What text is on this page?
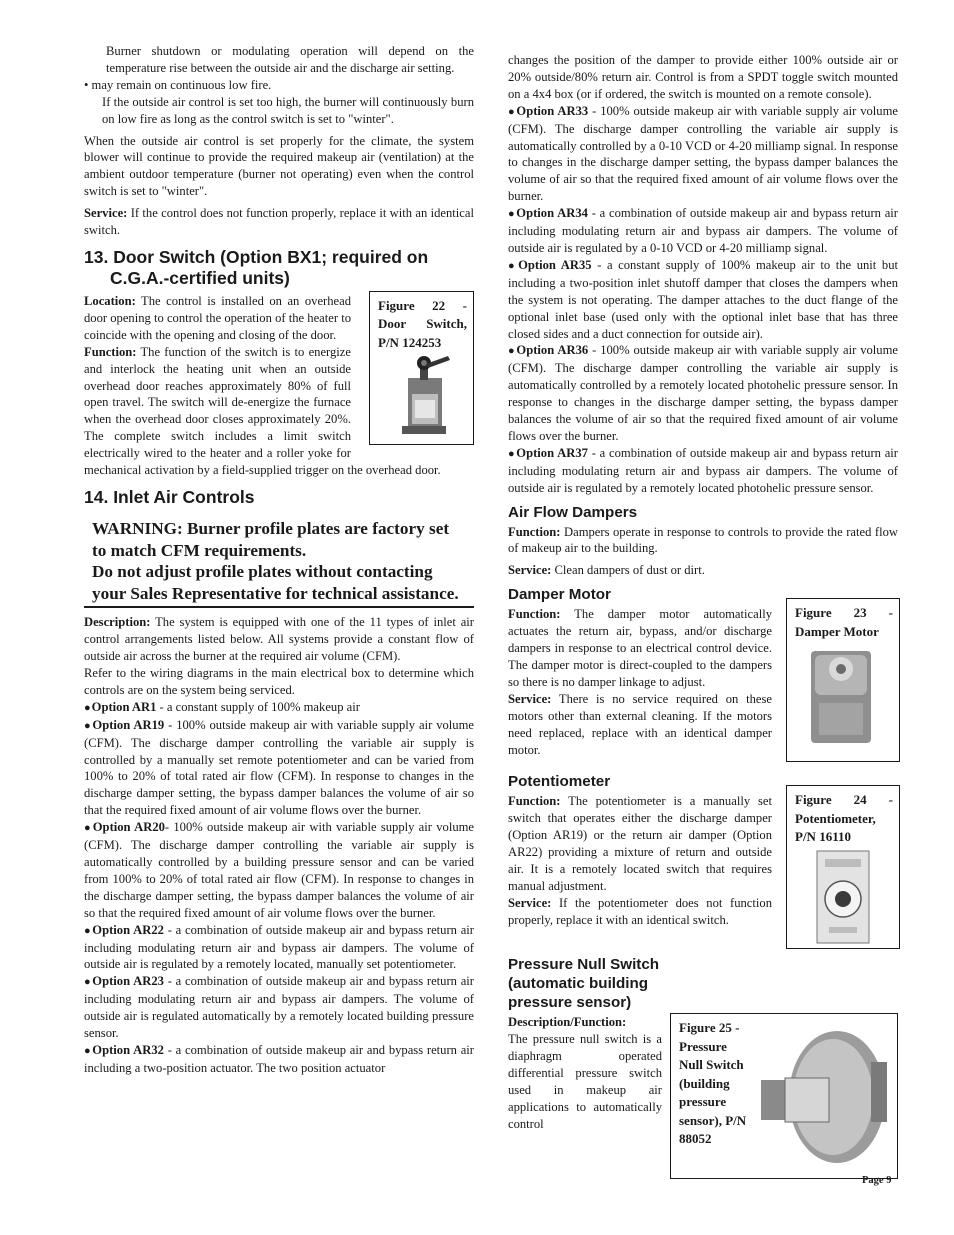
Burner shutdown or modulating operation will depend on the temperature rise between the outside air and the discharge air setting.

• may remain on continuous low fire.

If the outside air control is set too high, the burner will continuously burn on low fire as long as the control switch is set to "winter".

When the outside air control is set properly for the climate, the system blower will continue to provide the required makeup air (ventilation) at the ambient outdoor temperature (burner not operating) even when the control switch is set to "winter".

Service: If the control does not function properly, replace it with an identical switch.

13. Door Switch (Option BX1; required on
C.G.A.-certified units)
Figure 22 - Door Switch, P/N 124253

Location: The control is installed on an overhead door opening to control the operation of the heater to coincide with the opening and closing of the door.

Function: The function of the switch is to energize and interlock the heating unit when an outside overhead door reaches approximately 80% of full open travel. The switch will de-energize the furnace when the overhead door closes approximately 20%. The complete switch includes a limit switch electrically wired to the heater and a roller yoke for mechanical activation by a field-supplied trigger on the overhead door.

14. Inlet Air Controls
WARNING: Burner profile plates are factory set to match CFM requirements.
Do not adjust profile plates without contacting your Sales Representative for technical assistance.

Description: The system is equipped with one of the 11 types of inlet air control arrangements listed below. All systems provide a constant flow of outside air across the burner at the required air volume (CFM).

Refer to the wiring diagrams in the main electrical box to determine which controls are on the system being serviced.

● Option AR1 - a constant supply of 100% makeup air

● Option AR19 - 100% outside makeup air with variable supply air volume (CFM). The discharge damper controlling the variable air supply is controlled by a manually set remote potentiometer and can be varied from 100% to 20% of total rated air flow (CFM). In response to changes in the discharge damper setting, the bypass damper balances the volume of air so that the required fixed amount of air volume flows over the burner.

● Option AR20- 100% outside makeup air with variable supply air volume (CFM). The discharge damper controlling the variable air supply is automatically controlled by a building pressure sensor and can be varied from 100% to 20% of total rated air flow (CFM). In response to changes in the discharge damper setting, the bypass damper balances the volume of air so that the required fixed amount of air volume flows over the burner.

● Option AR22 - a combination of outside makeup air and bypass return air including modulating return air and bypass air dampers. The volume of outside air is regulated by a remotely located, manually set potentiometer.

● Option AR23 - a combination of outside makeup air and bypass return air including modulating return air and bypass air dampers. The volume of outside air is regulated automatically by a remotely located building pressure sensor.

● Option AR32 - a combination of outside makeup air and bypass return air including a two-position actuator. The two position actuator

changes the position of the damper to provide either 100% outside air or 20% outside/80% return air. Control is from a SPDT toggle switch mounted on a 4x4 box (or if ordered, the switch is mounted on a remote console).

● Option AR33 - 100% outside makeup air with variable supply air volume (CFM). The discharge damper controlling the variable air supply is automatically controlled by a 0-10 VCD or 4-20 milliamp signal. In response to changes in the discharge damper setting, the bypass damper balances the volume of air so that the required fixed amount of air volume flows over the burner.

● Option AR34 - a combination of outside makeup air and bypass return air including modulating return air and bypass air dampers. The volume of outside air is regulated by a 0-10 VCD or 4-20 milliamp signal.

● Option AR35 - a constant supply of 100% makeup air to the unit but including a two-position inlet shutoff damper that closes the dampers when the system is not operating. The damper attaches to the duct flange of the optional inlet base (used only with the optional inlet base that has three closed sides and a duct connection for outside air).

● Option AR36 - 100% outside makeup air with variable supply air volume (CFM). The discharge damper controlling the variable air supply is automatically controlled by a remotely located photohelic pressure sensor. In response to changes in the discharge damper setting, the bypass damper balances the volume of air so that the required fixed amount of air volume flows over the burner.

● Option AR37 - a combination of outside makeup air and bypass return air including modulating return air and bypass air dampers. The volume of outside air is regulated by a remotely located photohelic pressure sensor.

Air Flow Dampers

Function: Dampers operate in response to controls to provide the rated flow of makeup air to the building.

Service: Clean dampers of dust or dirt.

Damper Motor
Figure 23 - Damper Motor

Function: The damper motor automatically actuates the return air, bypass, and/or discharge dampers in response to an electrical control device. The damper motor is direct-coupled to the dampers so there is no damper linkage to adjust.

Service: There is no service required on these motors other than external cleaning. If the motors need replaced, replace with an identical damper motor.

Potentiometer
Figure 24 - Potentiometer, P/N 16110

Function: The potentiometer is a manually set switch that operates either the discharge damper (Option AR19) or the return air damper (Option AR22) providing a mixture of return and outside air. It is a remotely located switch that requires manual adjustment.

Service: If the potentiometer does not function properly, replace it with an identical switch.

Pressure Null Switch (automatic building pressure sensor)

Description/Function:
The pressure null switch is a diaphragm operated differential pressure switch used in makeup air applications to automatically control

Figure 25 - Pressure Null Switch (building pressure sensor), P/N 88052
Page 9
